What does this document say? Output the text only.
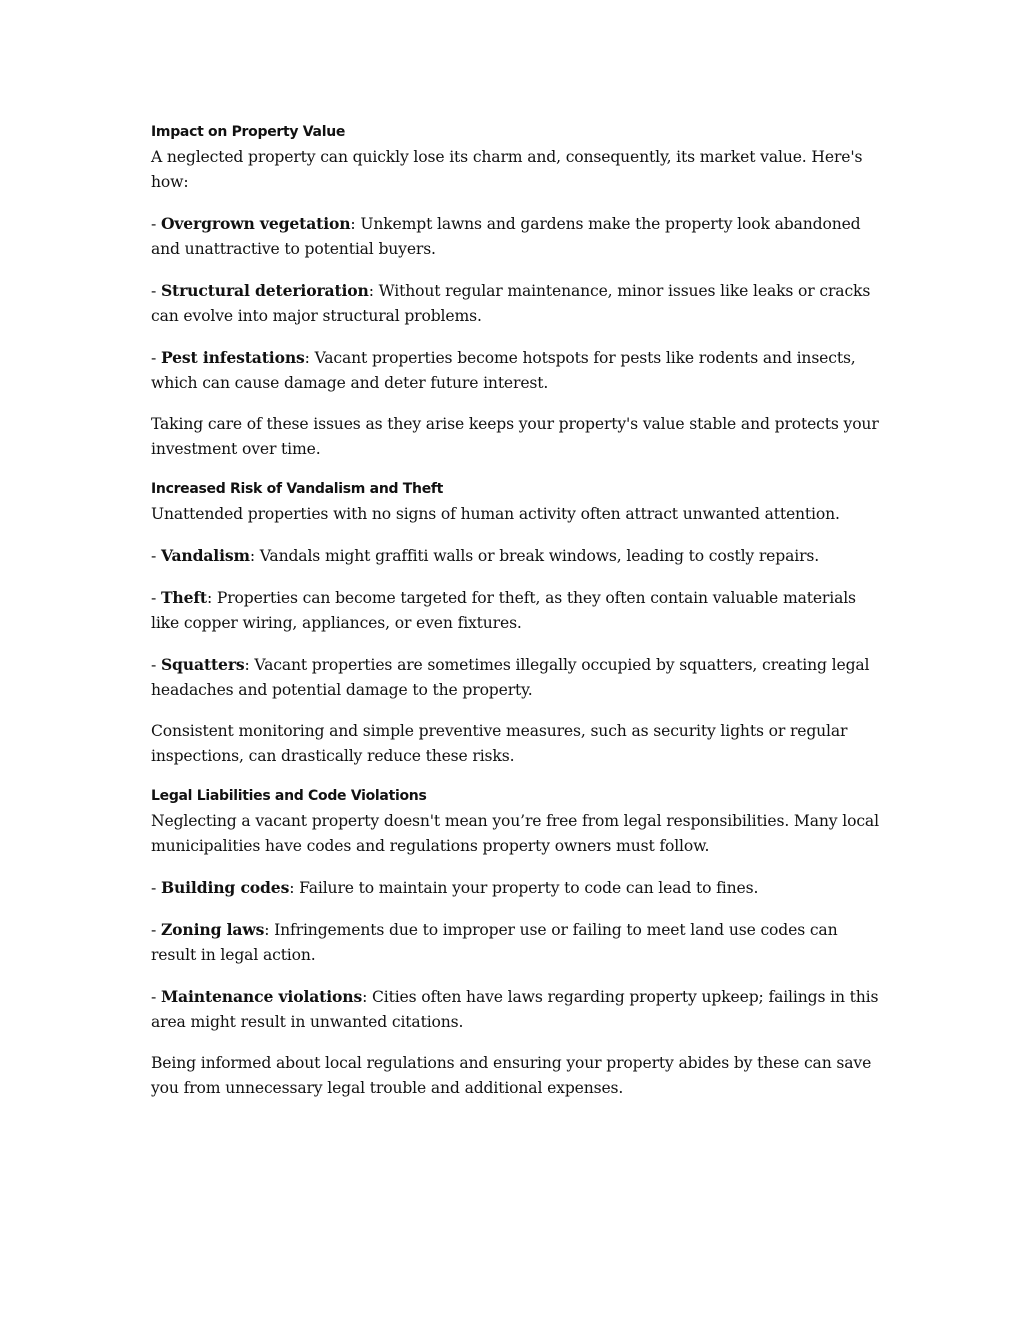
Impact on Property Value

A neglected property can quickly lose its charm and, consequently, its market value. Here's how:

- Overgrown vegetation: Unkempt lawns and gardens make the property look abandoned and unattractive to potential buyers.

- Structural deterioration: Without regular maintenance, minor issues like leaks or cracks can evolve into major structural problems.

- Pest infestations: Vacant properties become hotspots for pests like rodents and insects, which can cause damage and deter future interest.

Taking care of these issues as they arise keeps your property's value stable and protects your investment over time.

Increased Risk of Vandalism and Theft

Unattended properties with no signs of human activity often attract unwanted attention.

- Vandalism: Vandals might graffiti walls or break windows, leading to costly repairs.

- Theft: Properties can become targeted for theft, as they often contain valuable materials like copper wiring, appliances, or even fixtures.

- Squatters: Vacant properties are sometimes illegally occupied by squatters, creating legal headaches and potential damage to the property.

Consistent monitoring and simple preventive measures, such as security lights or regular inspections, can drastically reduce these risks.

Legal Liabilities and Code Violations

Neglecting a vacant property doesn't mean you’re free from legal responsibilities. Many local municipalities have codes and regulations property owners must follow.

- Building codes: Failure to maintain your property to code can lead to fines.

- Zoning laws: Infringements due to improper use or failing to meet land use codes can result in legal action.

- Maintenance violations: Cities often have laws regarding property upkeep; failings in this area might result in unwanted citations.

Being informed about local regulations and ensuring your property abides by these can save you from unnecessary legal trouble and additional expenses.
